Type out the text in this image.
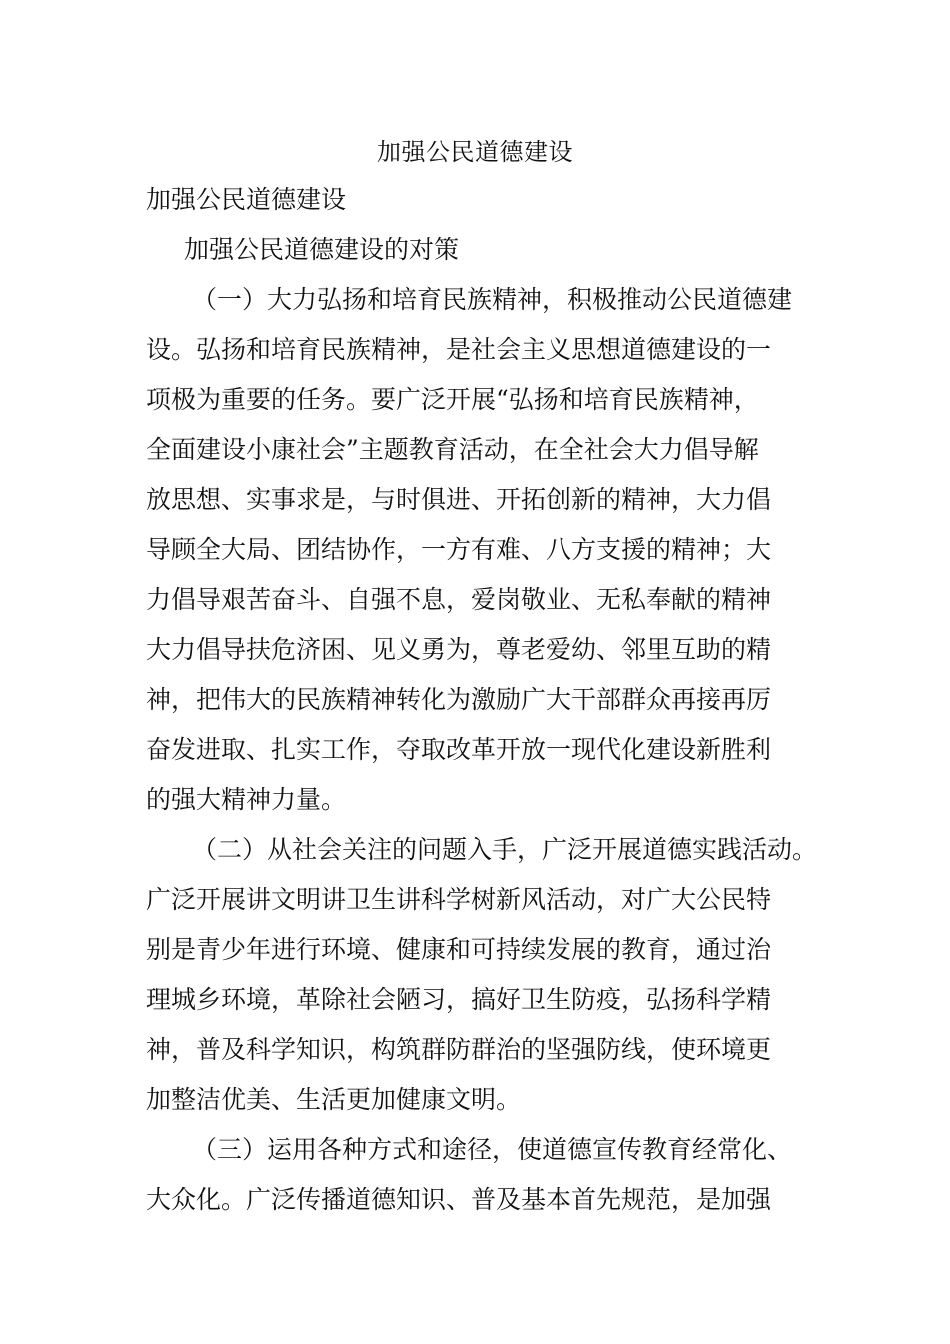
加强公民道德建设
加强公民道德建设
加强公民道德建设的对策
（一）大力弘扬和培育民族精神，积极推动公民道德建
设。弘扬和培育民族精神，是社会主义思想道德建设的一
项极为重要的任务。要广泛开展“弘扬和培育民族精神，
全面建设小康社会”主题教育活动，在全社会大力倡导解
放思想、实事求是，与时俱进、开拓创新的精神，大力倡
导顾全大局、团结协作，一方有难、八方支援的精神；大
力倡导艰苦奋斗、自强不息，爱岗敬业、无私奉献的精神
大力倡导扶危济困、见义勇为，尊老爱幼、邻里互助的精
神，把伟大的民族精神转化为激励广大干部群众再接再厉
奋发进取、扎实工作，夺取改革开放一现代化建设新胜利
的强大精神力量。
（二）从社会关注的问题入手，广泛开展道德实践活动。
广泛开展讲文明讲卫生讲科学树新风活动，对广大公民特
别是青少年进行环境、健康和可持续发展的教育，通过治
理城乡环境，革除社会陋习，搞好卫生防疫，弘扬科学精
神，普及科学知识，构筑群防群治的坚强防线，使环境更
加整洁优美、生活更加健康文明。
（三）运用各种方式和途径，使道德宣传教育经常化、
大众化。广泛传播道德知识、普及基本首先规范，是加强
